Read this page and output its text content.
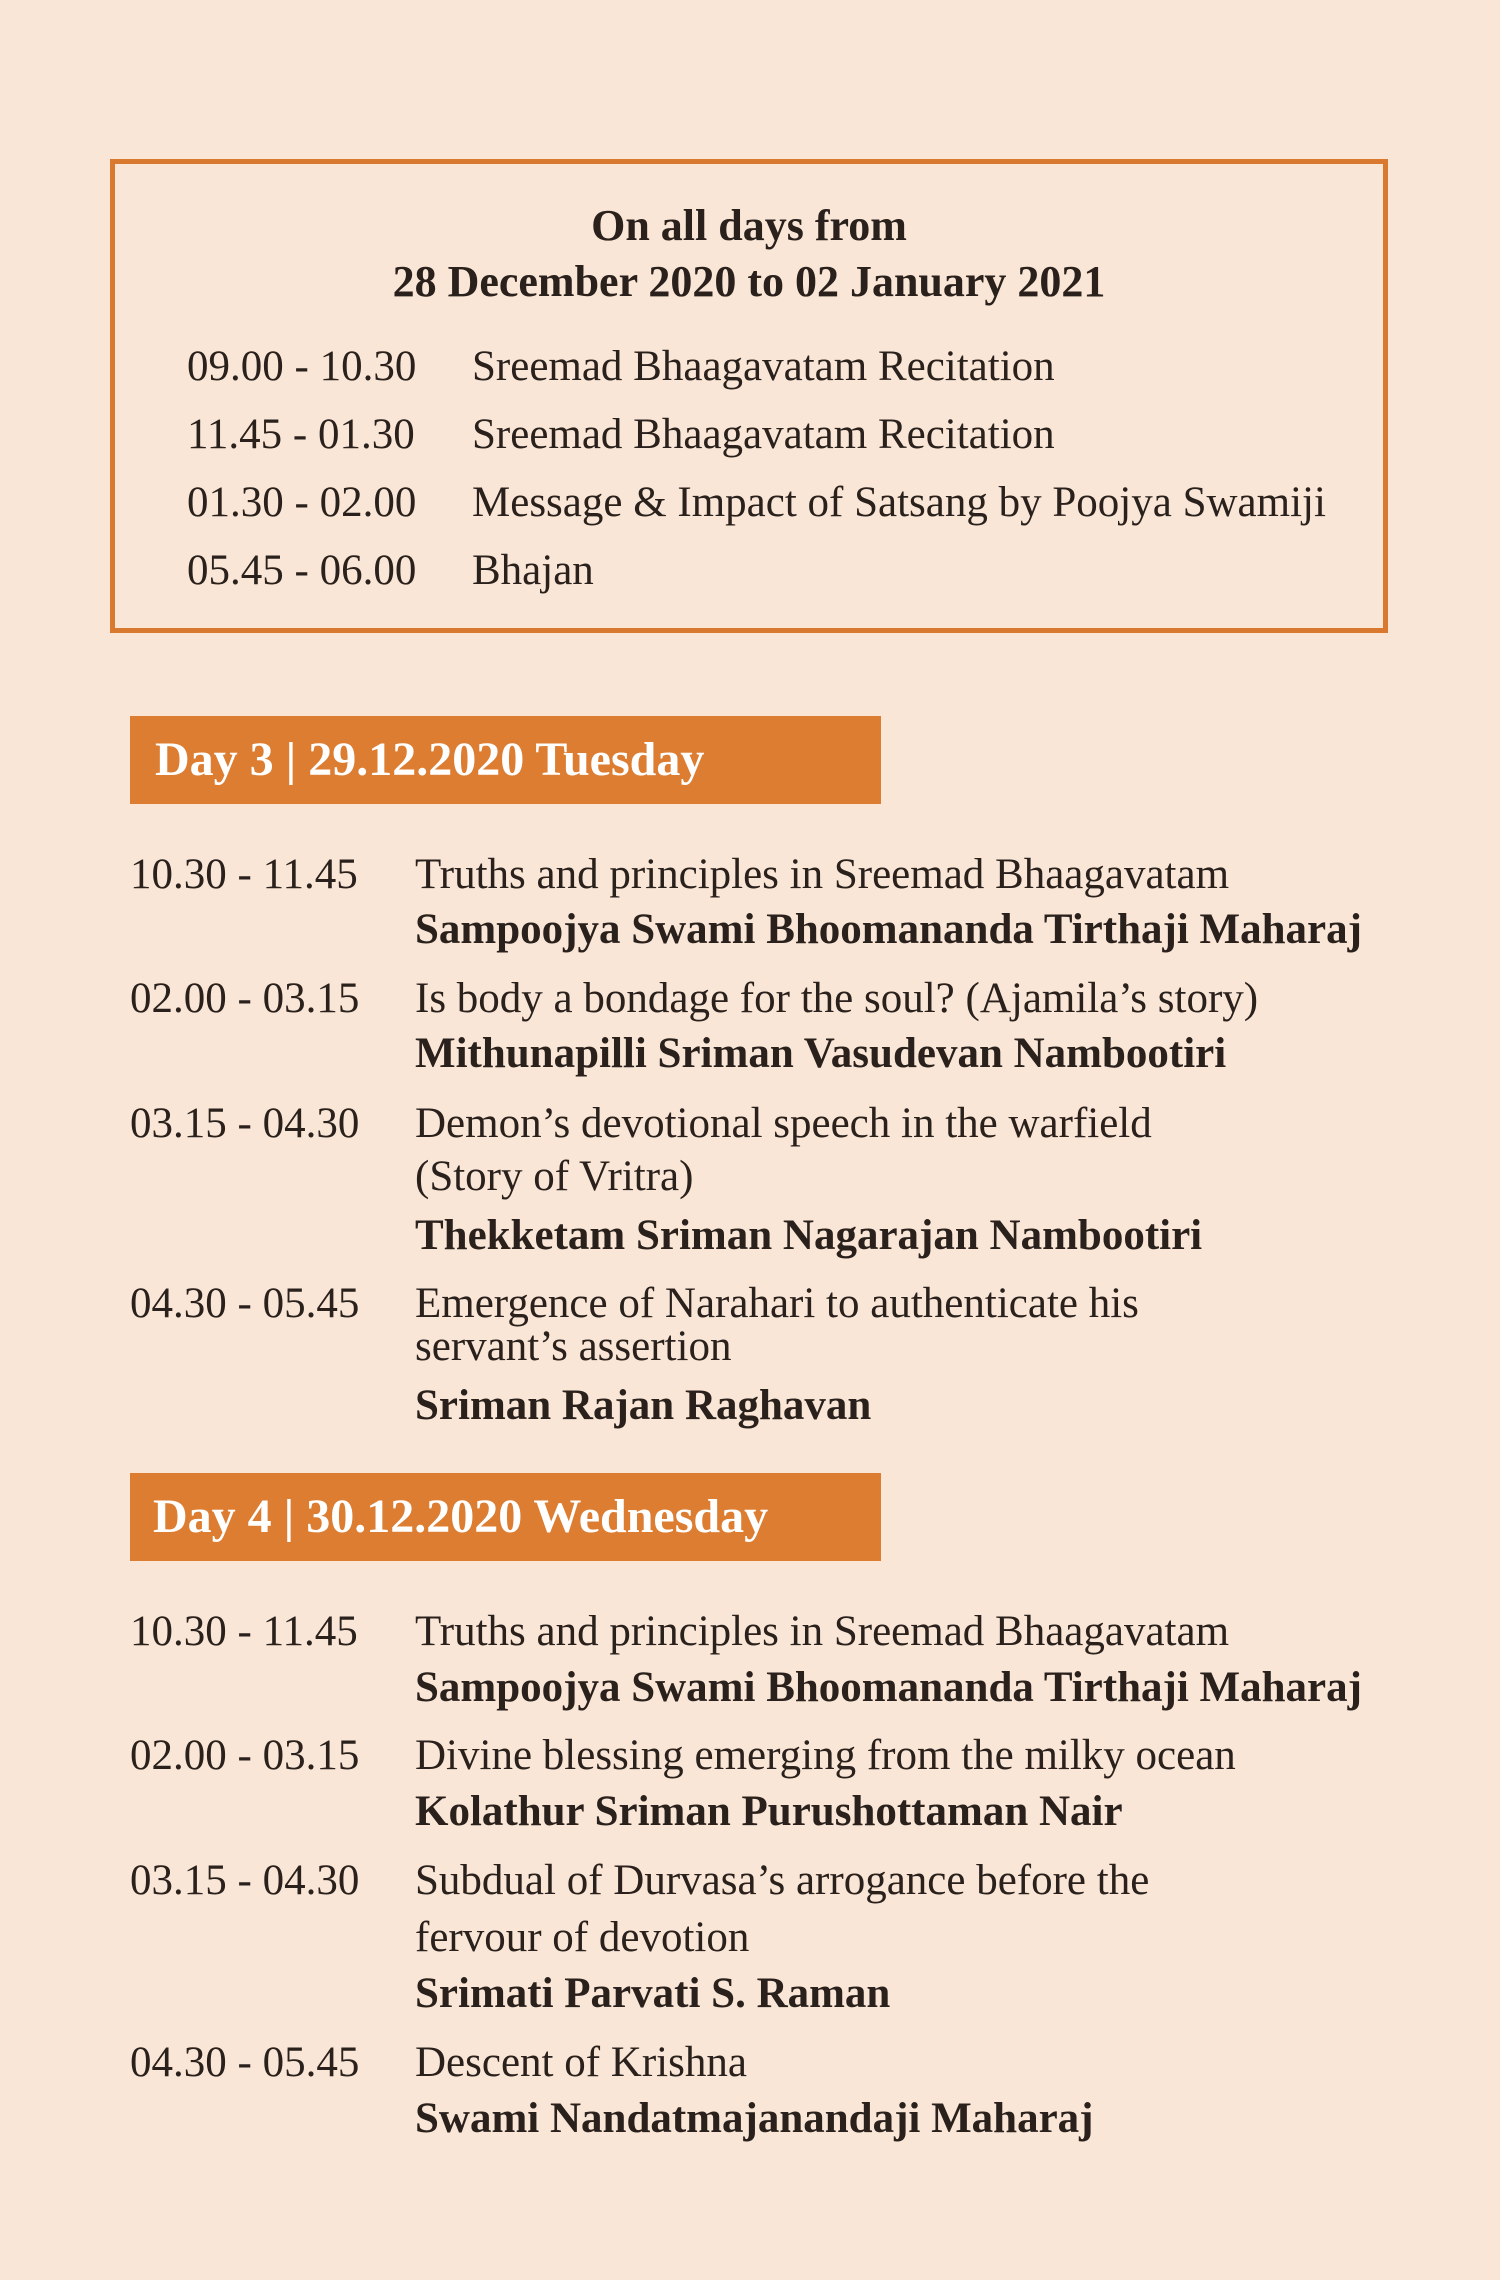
On all days from
28 December 2020 to 02 January 2021
09.00 - 10.30 Sreemad Bhaagavatam Recitation
11.45 - 01.30 Sreemad Bhaagavatam Recitation
01.30 - 02.00 Message & Impact of Satsang by Poojya Swamiji
05.45 - 06.00 Bhajan
Day 3 | 29.12.2020 Tuesday
10.30 - 11.45 Truths and principles in Sreemad Bhaagavatam
Sampoojya Swami Bhoomananda Tirthaji Maharaj
02.00 - 03.15 Is body a bondage for the soul? (Ajamila’s story)
Mithunapilli Sriman Vasudevan Nambootiri
03.15 - 04.30 Demon’s devotional speech in the warfield
(Story of Vritra)
Thekketam Sriman Nagarajan Nambootiri
04.30 - 05.45 Emergence of Narahari to authenticate his
servant’s assertion
Sriman Rajan Raghavan
Day 4 | 30.12.2020 Wednesday
10.30 - 11.45 Truths and principles in Sreemad Bhaagavatam
Sampoojya Swami Bhoomananda Tirthaji Maharaj
02.00 - 03.15 Divine blessing emerging from the milky ocean
Kolathur Sriman Purushottaman Nair
03.15 - 04.30 Subdual of Durvasa’s arrogance before the
fervour of devotion
Srimati Parvati S. Raman
04.30 - 05.45 Descent of Krishna
Swami Nandatmajanandaji Maharaj
